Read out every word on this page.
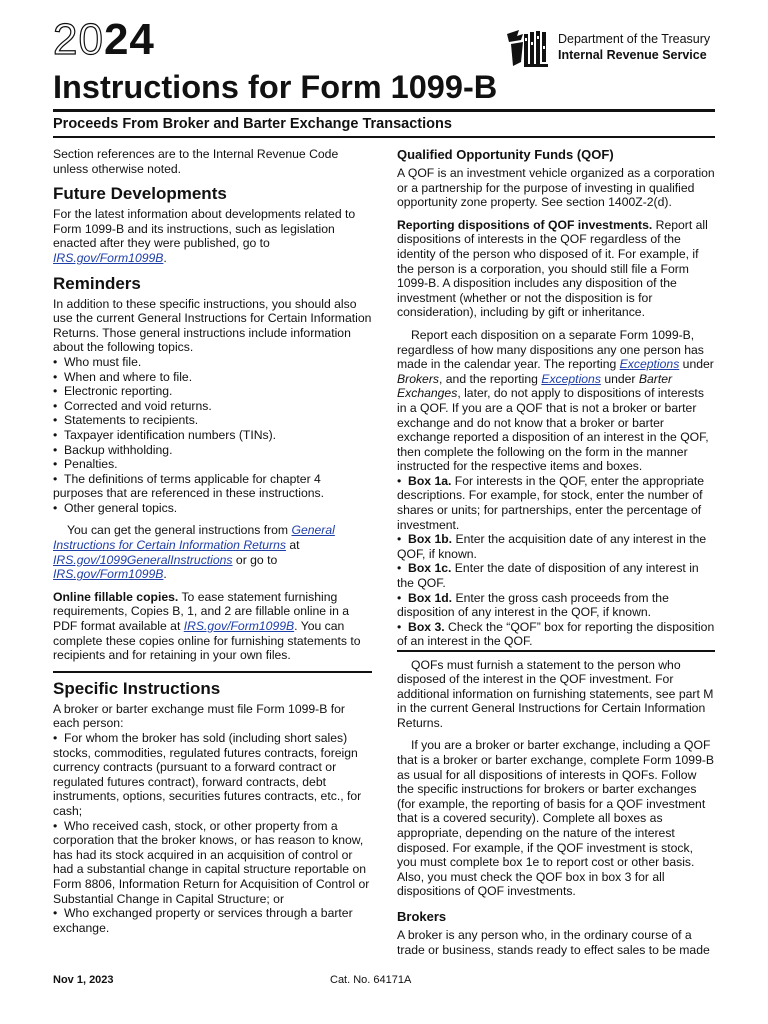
2024	Department of the Treasury
Internal Revenue Service
Instructions for Form 1099-B
Proceeds From Broker and Barter Exchange Transactions

Section references are to the Internal Revenue Code unless otherwise noted.

Future Developments

For the latest information about developments related to Form 1099-B and its instructions, such as legislation enacted after they were published, go to IRS.gov/Form1099B.

Reminders

In addition to these specific instructions, you should also use the current General Instructions for Certain Information Returns. Those general instructions include information about the following topics.

•  Who must file.

•  When and where to file.

•  Electronic reporting.

•  Corrected and void returns.

•  Statements to recipients.

•  Taxpayer identification numbers (TINs).

•  Backup withholding.

•  Penalties.

•  The definitions of terms applicable for chapter 4 purposes that are referenced in these instructions.

•  Other general topics.

You can get the general instructions from General Instructions for Certain Information Returns at IRS.gov/1099GeneralInstructions or go to IRS.gov/Form1099B.

Online fillable copies. To ease statement furnishing requirements, Copies B, 1, and 2 are fillable online in a PDF format available at IRS.gov/Form1099B. You can complete these copies online for furnishing statements to recipients and for retaining in your own files.

Specific Instructions

A broker or barter exchange must file Form 1099-B for each person:

•  For whom the broker has sold (including short sales) stocks, commodities, regulated futures contracts, foreign currency contracts (pursuant to a forward contract or regulated futures contract), forward contracts, debt instruments, options, securities futures contracts, etc., for cash;

•  Who received cash, stock, or other property from a corporation that the broker knows, or has reason to know, has had its stock acquired in an acquisition of control or had a substantial change in capital structure reportable on Form 8806, Information Return for Acquisition of Control or Substantial Change in Capital Structure; or

•  Who exchanged property or services through a barter exchange.

Qualified Opportunity Funds (QOF)

A QOF is an investment vehicle organized as a corporation or a partnership for the purpose of investing in qualified opportunity zone property. See section 1400Z-2(d).

Reporting dispositions of QOF investments. Report all dispositions of interests in the QOF regardless of the identity of the person who disposed of it. For example, if the person is a corporation, you should still file a Form 1099-B. A disposition includes any disposition of the investment (whether or not the disposition is for consideration), including by gift or inheritance.

Report each disposition on a separate Form 1099-B, regardless of how many dispositions any one person has made in the calendar year. The reporting Exceptions under Brokers, and the reporting Exceptions under Barter Exchanges, later, do not apply to dispositions of interests in a QOF. If you are a QOF that is not a broker or barter exchange and do not know that a broker or barter exchange reported a disposition of an interest in the QOF, then complete the following on the form in the manner instructed for the respective items and boxes.

•  Box 1a. For interests in the QOF, enter the appropriate descriptions. For example, for stock, enter the number of shares or units; for partnerships, enter the percentage of investment.

•  Box 1b. Enter the acquisition date of any interest in the QOF, if known.

•  Box 1c. Enter the date of disposition of any interest in the QOF.

•  Box 1d. Enter the gross cash proceeds from the disposition of any interest in the QOF, if known.

•  Box 3. Check the “QOF” box for reporting the disposition of an interest in the QOF.

QOFs must furnish a statement to the person who disposed of the interest in the QOF investment. For additional information on furnishing statements, see part M in the current General Instructions for Certain Information Returns.

If you are a broker or barter exchange, including a QOF that is a broker or barter exchange, complete Form 1099-B as usual for all dispositions of interests in QOFs. Follow the specific instructions for brokers or barter exchanges (for example, the reporting of basis for a QOF investment that is a covered security). Complete all boxes as appropriate, depending on the nature of the interest disposed. For example, if the QOF investment is stock, you must complete box 1e to report cost or other basis. Also, you must check the QOF box in box 3 for all dispositions of QOF investments.

Brokers

A broker is any person who, in the ordinary course of a trade or business, stands ready to effect sales to be made

Nov 1, 2023	Cat. No. 64171A
